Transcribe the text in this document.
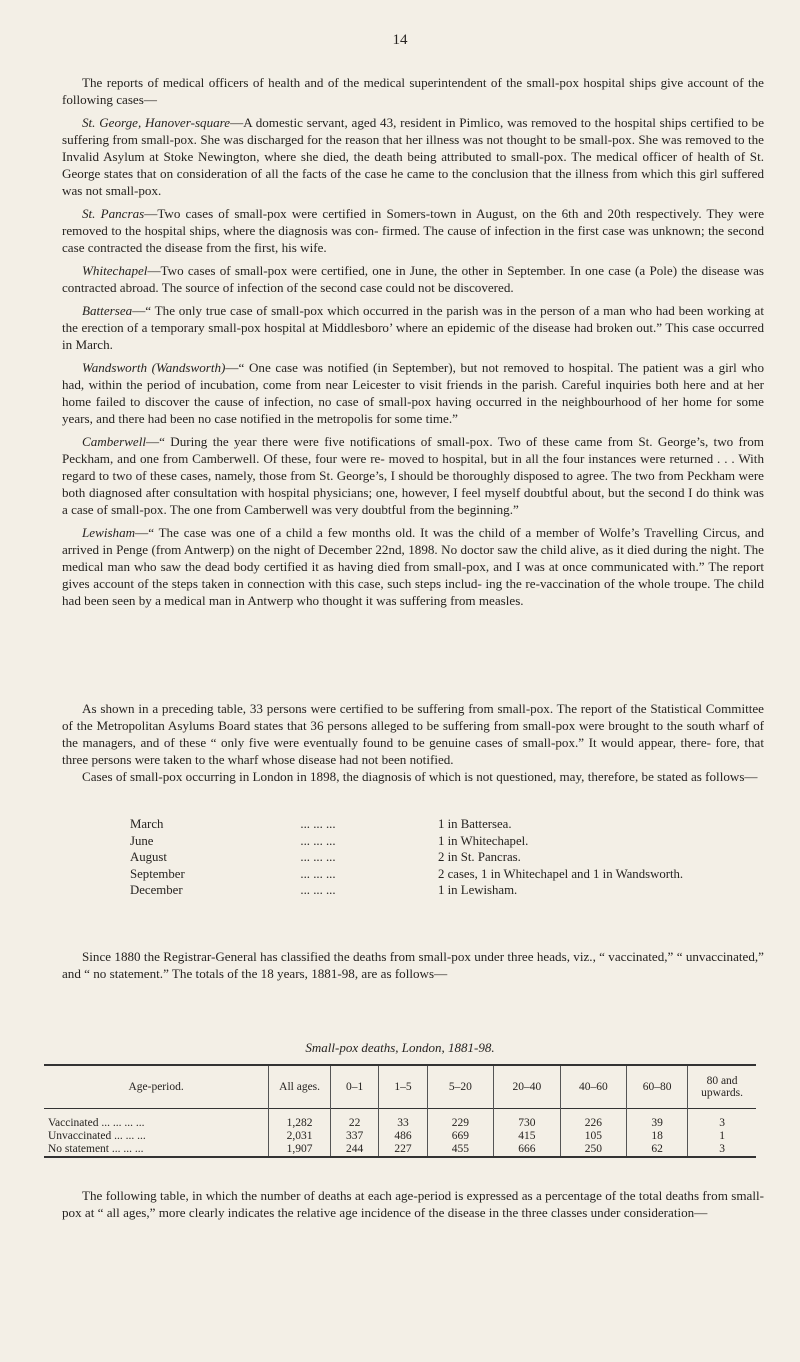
14

The reports of medical officers of health and of the medical superintendent of the small-pox hospital ships give account of the following cases—

St. George, Hanover-square—A domestic servant, aged 43, resident in Pimlico, was removed to the hospital ships certified to be suffering from small-pox. She was discharged for the reason that her illness was not thought to be small-pox. She was removed to the Invalid Asylum at Stoke Newington, where she died, the death being attributed to small-pox. The medical officer of health of St. George states that on consideration of all the facts of the case he came to the conclusion that the illness from which this girl suffered was not small-pox.

St. Pancras—Two cases of small-pox were certified in Somers-town in August, on the 6th and 20th respectively. They were removed to the hospital ships, where the diagnosis was con- firmed. The cause of infection in the first case was unknown; the second case contracted the disease from the first, his wife.

Whitechapel—Two cases of small-pox were certified, one in June, the other in September. In one case (a Pole) the disease was contracted abroad. The source of infection of the second case could not be discovered.

Battersea—“ The only true case of small-pox which occurred in the parish was in the person of a man who had been working at the erection of a temporary small-pox hospital at Middlesboro’ where an epidemic of the disease had broken out.” This case occurred in March.

Wandsworth (Wandsworth)—“ One case was notified (in September), but not removed to hospital. The patient was a girl who had, within the period of incubation, come from near Leicester to visit friends in the parish. Careful inquiries both here and at her home failed to discover the cause of infection, no case of small-pox having occurred in the neighbourhood of her home for some years, and there had been no case notified in the metropolis for some time.”

Camberwell—“ During the year there were five notifications of small-pox. Two of these came from St. George’s, two from Peckham, and one from Camberwell. Of these, four were re- moved to hospital, but in all the four instances were returned . . . With regard to two of these cases, namely, those from St. George’s, I should be thoroughly disposed to agree. The two from Peckham were both diagnosed after consultation with hospital physicians; one, however, I feel myself doubtful about, but the second I do think was a case of small-pox. The one from Camberwell was very doubtful from the beginning.”

Lewisham—“ The case was one of a child a few months old. It was the child of a member of Wolfe’s Travelling Circus, and arrived in Penge (from Antwerp) on the night of December 22nd, 1898. No doctor saw the child alive, as it died during the night. The medical man who saw the dead body certified it as having died from small-pox, and I was at once communicated with.” The report gives account of the steps taken in connection with this case, such steps includ- ing the re-vaccination of the whole troupe. The child had been seen by a medical man in Antwerp who thought it was suffering from measles.

As shown in a preceding table, 33 persons were certified to be suffering from small-pox. The report of the Statistical Committee of the Metropolitan Asylums Board states that 36 persons alleged to be suffering from small-pox were brought to the south wharf of the managers, and of these “ only five were eventually found to be genuine cases of small-pox.” It would appear, there- fore, that three persons were taken to the wharf whose disease had not been notified.

Cases of small-pox occurring in London in 1898, the diagnosis of which is not questioned, may, therefore, be stated as follows—

March	... ... ...	1 in Battersea.
June	... ... ...	1 in Whitechapel.
August	... ... ...	2 in St. Pancras.
September	... ... ...	2 cases, 1 in Whitechapel and 1 in Wandsworth.
December	... ... ...	1 in Lewisham.

Since 1880 the Registrar-General has classified the deaths from small-pox under three heads, viz., “ vaccinated,” “ unvaccinated,” and “ no statement.” The totals of the 18 years, 1881-98, are as follows—

Small-pox deaths, London, 1881-98.
Age-period.	All ages.	0–1	1–5	5–20	20–40	40–60	60–80	80 and upwards.
Vaccinated ... ... ... ...	1,282	22	33	229	730	226	39	3
Unvaccinated ... ... ...	2,031	337	486	669	415	105	18	1
No statement ... ... ...	1,907	244	227	455	666	250	62	3

The following table, in which the number of deaths at each age-period is expressed as a percentage of the total deaths from small-pox at “ all ages,” more clearly indicates the relative age incidence of the disease in the three classes under consideration—
